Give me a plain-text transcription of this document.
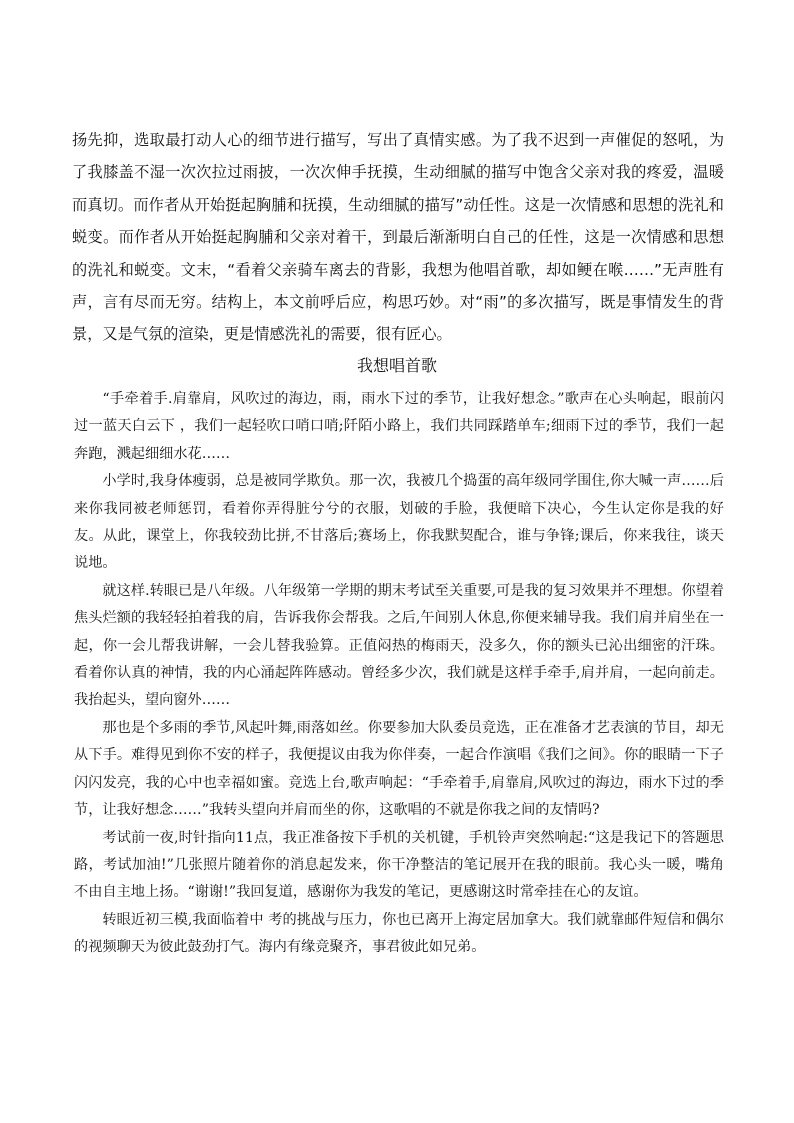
扬先抑，选取最打动人心的细节进行描写，写出了真情实感。为了我不迟到一声催促的怒吼，为了我膝盖不湿一次次拉过雨披，一次次伸手抚摸，生动细腻的描写中饱含父亲对我的疼爱，温暖而真切。而作者从开始挺起胸脯和抚摸，生动细腻的描写”动任性。这是一次情感和思想的洗礼和蜕变。而作者从开始挺起胸脯和父亲对着干，到最后渐渐明白自己的任性，这是一次情感和思想的洗礼和蜕变。文末，“看着父亲骑车离去的背影，我想为他唱首歌，却如鲠在喉……”无声胜有声，言有尽而无穷。结构上，本文前呼后应，构思巧妙。对“雨”的多次描写，既是事情发生的背景，又是气氛的渲染，更是情感洗礼的需要，很有匠心。

我想唱首歌

“手牵着手.肩靠肩，风吹过的海边，雨，雨水下过的季节，让我好想念。”歌声在心头响起，眼前闪过一蓝天白云下 ，我们一起轻吹口哨口哨;阡陌小路上，我们共同踩踏单车;细雨下过的季节，我们一起奔跑，溅起细细水花……

小学时,我身体瘦弱，总是被同学欺负。那一次，我被几个捣蛋的高年级同学围住,你大喊一声……后来你我同被老师惩罚，看着你弄得脏兮兮的衣服，划破的手脸，我便暗下决心，今生认定你是我的好友。从此，课堂上，你我较劲比拼,不甘落后;赛场上，你我默契配合，谁与争锋;课后，你来我往，谈天说地。

就这样.转眼已是八年级。八年级第一学期的期末考试至关重要,可是我的复习效果并不理想。你望着焦头烂额的我轻轻拍着我的肩，告诉我你会帮我。之后,午间别人休息,你便来辅导我。我们肩并肩坐在一起，你一会儿帮我讲解，一会儿替我验算。正值闷热的梅雨天，没多久，你的额头已沁出细密的汗珠。看着你认真的神情，我的内心涌起阵阵感动。曾经多少次，我们就是这样手牵手,肩并肩，一起向前走。我抬起头，望向窗外……

那也是个多雨的季节,风起叶舞,雨落如丝。你要参加大队委员竞选，正在准备才艺表演的节目，却无从下手。难得见到你不安的样子，我便提议由我为你伴奏，一起合作演唱《我们之间》。你的眼睛一下子闪闪发亮，我的心中也幸福如蜜。竞选上台,歌声响起：“手牵着手,肩靠肩,风吹过的海边，雨水下过的季节，让我好想念……”我转头望向并肩而坐的你，这歌唱的不就是你我之间的友情吗?

考试前一夜,时针指向11点，我正准备按下手机的关机键，手机铃声突然响起:“这是我记下的答题思路，考试加油!”几张照片随着你的消息起发来，你干净整洁的笔记展开在我的眼前。我心头一暖，嘴角不由自主地上扬。“谢谢!”我回复道，感谢你为我发的笔记，更感谢这时常牵挂在心的友谊。

转眼近初三模,我面临着中 考的挑战与压力，你也已离开上海定居加拿大。我们就靠邮件短信和偶尔的视频聊天为彼此鼓劲打气。海内有缘竞聚齐，事君彼此如兄弟。
